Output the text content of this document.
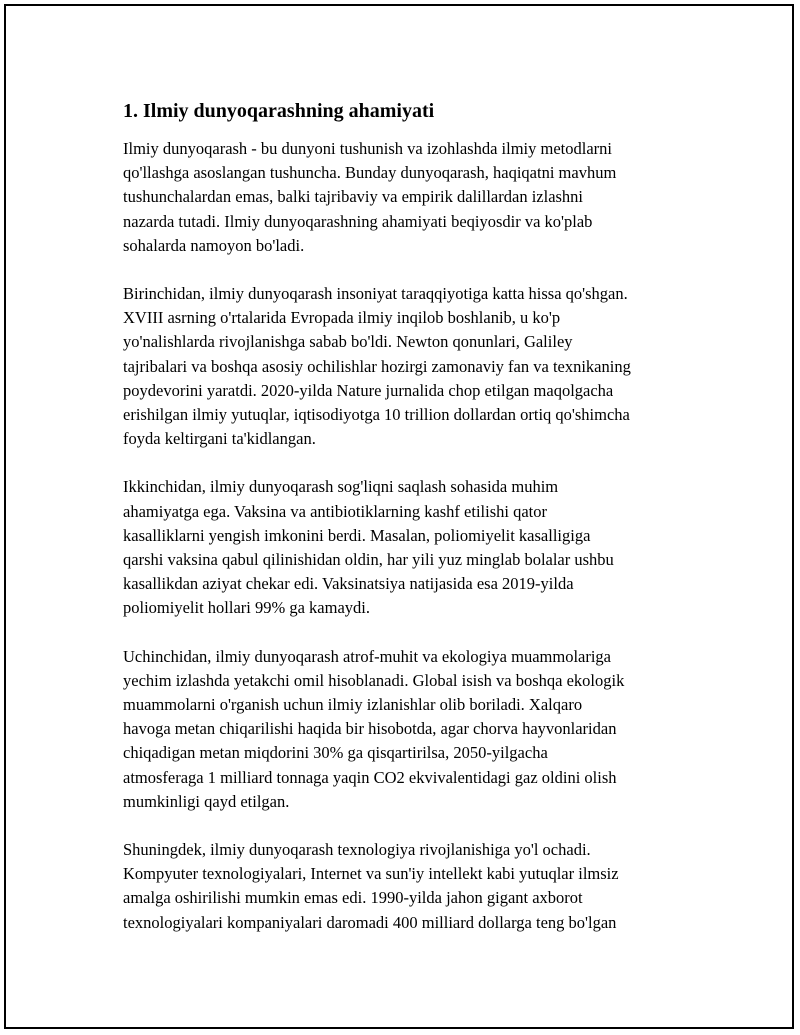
1. Ilmiy dunyoqarashning ahamiyati
Ilmiy dunyoqarash - bu dunyoni tushunish va izohlashda ilmiy metodlarni
qo'llashga asoslangan tushuncha. Bunday dunyoqarash, haqiqatni mavhum
tushunchalardan emas, balki tajribaviy va empirik dalillardan izlashni
nazarda tutadi. Ilmiy dunyoqarashning ahamiyati beqiyosdir va ko'plab
sohalarda namoyon bo'ladi.
Birinchidan, ilmiy dunyoqarash insoniyat taraqqiyotiga katta hissa qo'shgan.
XVIII asrning o'rtalarida Evropada ilmiy inqilob boshlanib, u ko'p
yo'nalishlarda rivojlanishga sabab bo'ldi. Newton qonunlari, Galiley
tajribalari va boshqa asosiy ochilishlar hozirgi zamonaviy fan va texnikaning
poydevorini yaratdi. 2020-yilda Nature jurnalida chop etilgan maqolgacha
erishilgan ilmiy yutuqlar, iqtisodiyotga 10 trillion dollardan ortiq qo'shimcha
foyda keltirgani ta'kidlangan.
Ikkinchidan, ilmiy dunyoqarash sog'liqni saqlash sohasida muhim
ahamiyatga ega. Vaksina va antibiotiklarning kashf etilishi qator
kasalliklarni yengish imkonini berdi. Masalan, poliomiyelit kasalligiga
qarshi vaksina qabul qilinishidan oldin, har yili yuz minglab bolalar ushbu
kasallikdan aziyat chekar edi. Vaksinatsiya natijasida esa 2019-yilda
poliomiyelit hollari 99% ga kamaydi.
Uchinchidan, ilmiy dunyoqarash atrof-muhit va ekologiya muammolariga
yechim izlashda yetakchi omil hisoblanadi. Global isish va boshqa ekologik
muammolarni o'rganish uchun ilmiy izlanishlar olib boriladi. Xalqaro
havoga metan chiqarilishi haqida bir hisobotda, agar chorva hayvonlaridan
chiqadigan metan miqdorini 30% ga qisqartirilsa, 2050-yilgacha
atmosferaga 1 milliard tonnaga yaqin CO2 ekvivalentidagi gaz oldini olish
mumkinligi qayd etilgan.
Shuningdek, ilmiy dunyoqarash texnologiya rivojlanishiga yo'l ochadi.
Kompyuter texnologiyalari, Internet va sun'iy intellekt kabi yutuqlar ilmsiz
amalga oshirilishi mumkin emas edi. 1990-yilda jahon gigant axborot
texnologiyalari kompaniyalari daromadi 400 milliard dollarga teng bo'lgan
